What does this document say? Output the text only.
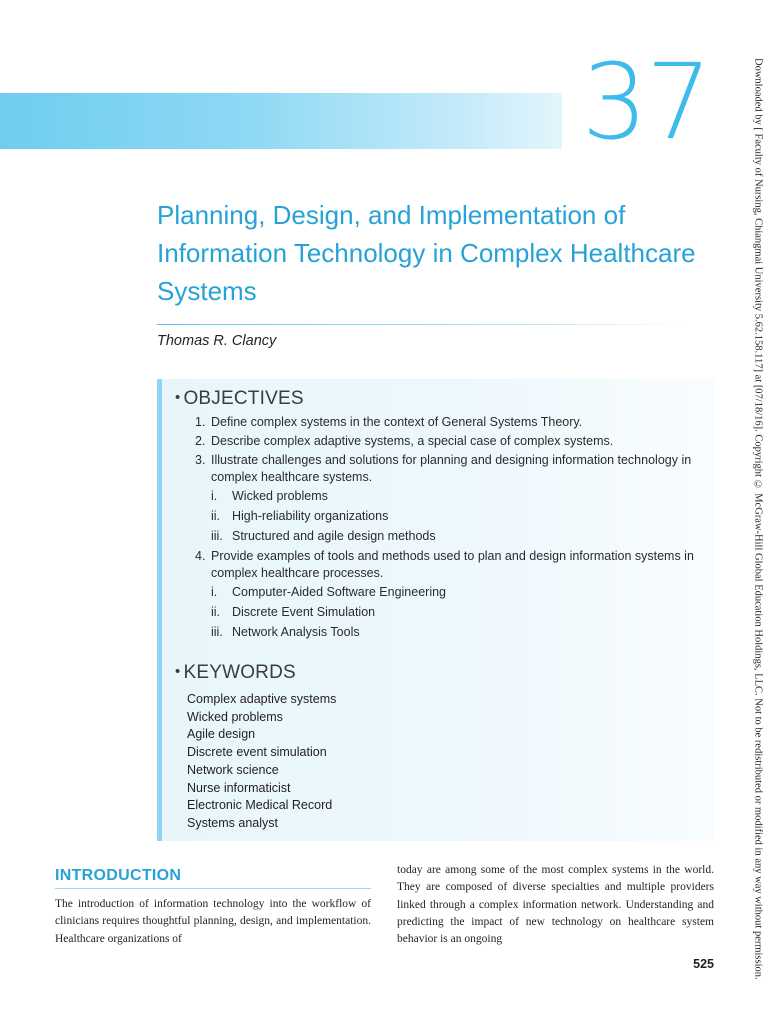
37	Downloaded by [ Faculty of Nursing, Chiangmai University 5.62.158.117] at [07/18/16]. Copyright © McGraw-Hill Global Education Holdings, LLC. Not to be redistributed or modified in any way without permission.
Planning, Design, and Implementation of Information Technology in Complex Healthcare Systems
Thomas R. Clancy
• OBJECTIVES
1. Define complex systems in the context of General Systems Theory.
2. Describe complex adaptive systems, a special case of complex systems.
3. Illustrate challenges and solutions for planning and designing information technology in complex healthcare systems.
i. Wicked problems
ii. High-reliability organizations
iii. Structured and agile design methods
4. Provide examples of tools and methods used to plan and design information systems in complex healthcare processes.
i. Computer-Aided Software Engineering
ii. Discrete Event Simulation
iii. Network Analysis Tools
• KEYWORDS
Complex adaptive systems
Wicked problems
Agile design
Discrete event simulation
Network science
Nurse informaticist
Electronic Medical Record
Systems analyst
INTRODUCTION

The introduction of information technology into the workflow of clinicians requires thoughtful planning, design, and implementation. Healthcare organizations of

today are among some of the most complex systems in the world. They are composed of diverse specialties and multiple providers linked through a complex information network. Understanding and predicting the impact of new technology on healthcare system behavior is an ongoing

525
